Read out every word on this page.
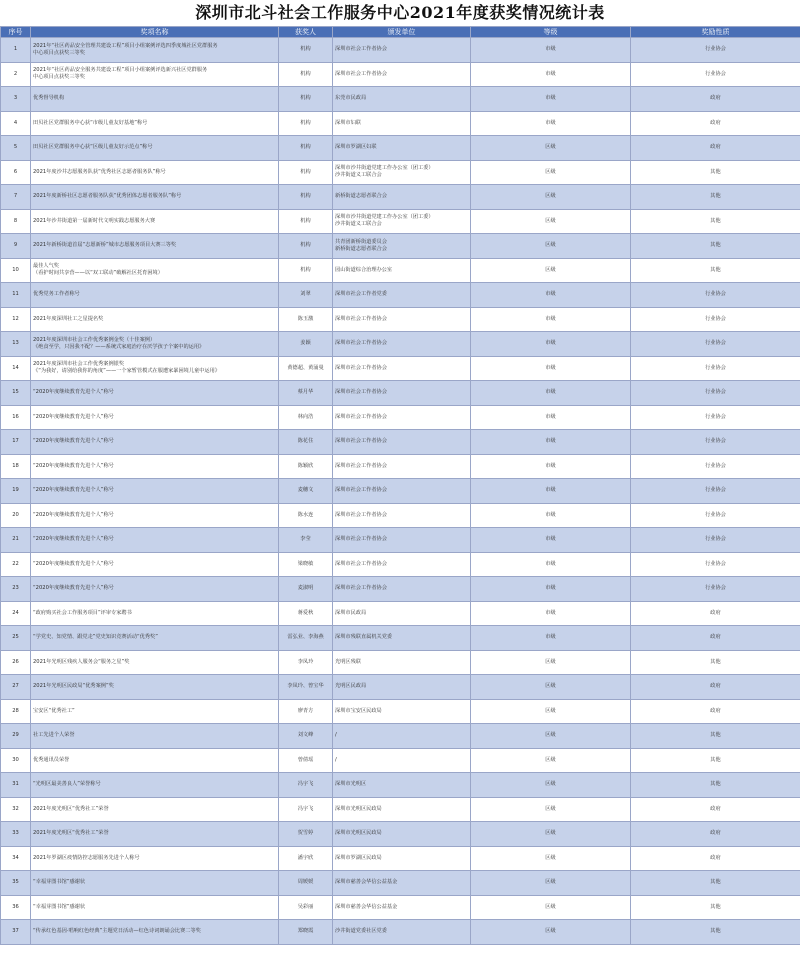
深圳市北斗社会工作服务中心2021年度获奖情况统计表
序号	奖项名称	获奖人	颁发单位	等级	奖励性质
1	2021年“社区药品安全管理共建设工程”项目小组案例评选四季度城社区党群服务
中心项目点获奖三等奖	机构	深圳市社会工作者协会	市级	行业协会
2	2021年“社区药品安全服务共建设工程”项目小组案例评选新兴社区党群服务
中心项目点获奖三等奖	机构	深圳市社会工作者协会	市级	行业协会
3	优秀督导机构	机构	东莞市民政局	市级	政府
4	田贝社区党群服务中心获“市级儿童友好基地”称号	机构	深圳市妇联	市级	政府
5	田贝社区党群服务中心获“区级儿童友好示范点”称号	机构	深圳市罗湖区妇联	区级	政府
6	2021年度沙井志愿服务队获“优秀社区志愿者服务队”称号	机构	深圳市沙井街道党建工作办公室（团工委）
沙井街道义工联合会	区级	其他
7	2021年度新桥社区志愿者服务队获“优秀团体志愿者服务队”称号	机构	新桥街道志愿者联合会	区级	其他
8	2021年沙井街道第一届新时代文明实践志愿服务大赛	机构	深圳市沙井街道党建工作办公室（团工委）
沙井街道义工联合会	区级	其他
9	2021年新桥街道首届“志愿新桥”城市志愿服务项目大赛三等奖	机构	共青团新桥街道委员会
新桥街道志愿者联合会	区级	其他
10	最佳人气奖
（看护时间共享营——以“双工联动”破解社区托育困境）	机构	园山街道综合治理办公室	区级	其他
11	优秀党务工作者称号	刘翠	深圳市社会工作者党委	市级	行业协会
12	2021年度深圳社工之星提名奖	陈玉激	深圳市社会工作者协会	市级	行业协会
13	2021年度深圳市社会工作优秀案例金奖（十佳案例）
《绝食至学，只因我不配？——系统式家庭治疗在厌学孩子个案中的运用》	姜颖	深圳市社会工作者协会	市级	行业协会
14	2021年度深圳市社会工作优秀案例银奖
《“为我好，请别给我你的角度”——一个家暂管模式在服遭家暴困境儿童中运用》	黄德超、黄涌曼	深圳市社会工作者协会	市级	行业协会
15	“2020年度继续教育先进个人”称号	蔡月华	深圳市社会工作者协会	市级	行业协会
16	“2020年度继续教育先进个人”称号	林向浩	深圳市社会工作者协会	市级	行业协会
17	“2020年度继续教育先进个人”称号	陈花住	深圳市社会工作者协会	市级	行业协会
18	“2020年度继续教育先进个人”称号	陈颖欣	深圳市社会工作者协会	市级	行业协会
19	“2020年度继续教育先进个人”称号	麦穗文	深圳市社会工作者协会	市级	行业协会
20	“2020年度继续教育先进个人”称号	陈水连	深圳市社会工作者协会	市级	行业协会
21	“2020年度继续教育先进个人”称号	李莹	深圳市社会工作者协会	市级	行业协会
22	“2020年度继续教育先进个人”称号	梁晓敏	深圳市社会工作者协会	市级	行业协会
23	“2020年度继续教育先进个人”称号	麦淑明	深圳市社会工作者协会	市级	行业协会
24	“政府购买社会工作服务项目”评审专家聘书	蒋爱秋	深圳市民政局	市级	政府
25	“学党史、知党情、跟党走”党史知识竞赛活动“优秀奖”	雷弘业、李海燕	深圳市残联直属机关党委	市级	政府
26	2021年光明区残疾人服务会“服务之星”奖	李凤玲	光明区残联	区级	其他
27	2021年光明区民政局“优秀案例”奖	李凤玲、曾宝华	光明区民政局	区级	政府
28	宝安区“优秀社工”	廖青方	深圳市宝安区民政局	区级	政府
29	社工先进个人荣誉	刘文峰	/	区级	其他
30	优秀通讯员荣誉	曾倩瑶	/	区级	其他
31	“光明区最美善良人”荣誉称号	冯宇飞	深圳市光明区	区级	其他
32	2021年度光明区“优秀社工”荣誉	冯宇飞	深圳市光明区民政局	区级	政府
33	2021年度光明区“优秀社工”荣誉	贺雪婷	深圳市光明区民政局	区级	政府
34	2021年罗湖区疫情防控志愿服务先进个人称号	潘宇欣	深圳市罗湖区民政局	区级	政府
35	“幸福芽图书馆”感谢状	周媛媛	深圳市慈善会华信公益基金	区级	其他
36	“幸福芽图书馆”感谢状	吴彩丽	深圳市慈善会华信公益基金	区级	其他
37	“传承红色基因·唱响红色经典”主题党日活动—红色诗词朗诵会比赛二等奖	郑晓霞	沙井街道党委社区党委	区级	其他
